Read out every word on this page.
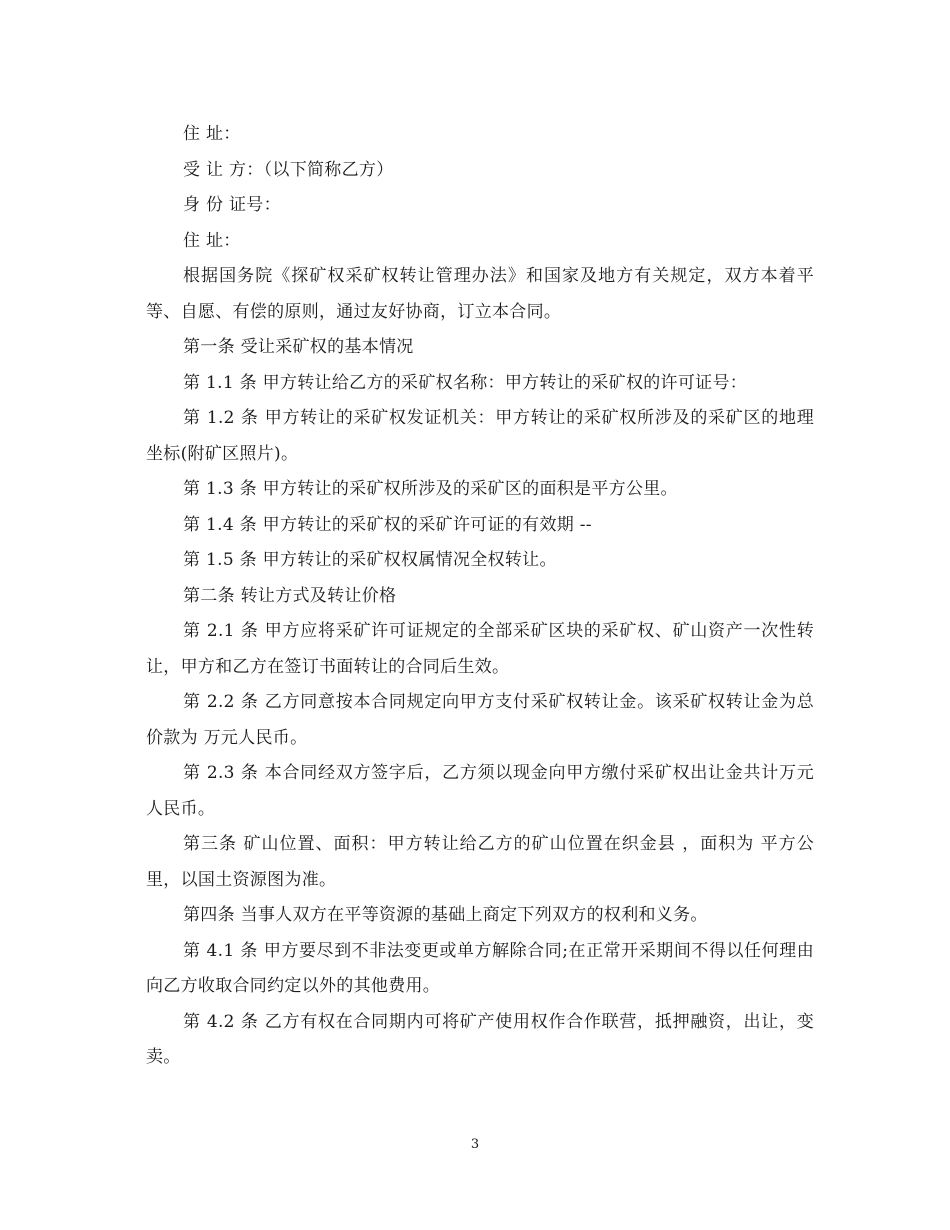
住 址：

受 让 方：（以下简称乙方）

身 份 证号：

住 址：

根据国务院《探矿权采矿权转让管理办法》和国家及地方有关规定，双方本着平等、自愿、有偿的原则，通过友好协商，订立本合同。

第一条 受让采矿权的基本情况

第 1.1 条 甲方转让给乙方的采矿权名称：甲方转让的采矿权的许可证号：

第 1.2 条 甲方转让的采矿权发证机关：甲方转让的采矿权所涉及的采矿区的地理坐标(附矿区照片)。

第 1.3 条 甲方转让的采矿权所涉及的采矿区的面积是平方公里。

第 1.4 条 甲方转让的采矿权的采矿许可证的有效期 --

第 1.5 条 甲方转让的采矿权权属情况全权转让。

第二条 转让方式及转让价格

第 2.1 条 甲方应将采矿许可证规定的全部采矿区块的采矿权、矿山资产一次性转让，甲方和乙方在签订书面转让的合同后生效。

第 2.2 条 乙方同意按本合同规定向甲方支付采矿权转让金。该采矿权转让金为总价款为 万元人民币。

第 2.3 条 本合同经双方签字后，乙方须以现金向甲方缴付采矿权出让金共计万元人民币。

第三条 矿山位置、面积：甲方转让给乙方的矿山位置在织金县 ，面积为 平方公里，以国土资源图为准。

第四条 当事人双方在平等资源的基础上商定下列双方的权利和义务。

第 4.1 条 甲方要尽到不非法变更或单方解除合同;在正常开采期间不得以任何理由向乙方收取合同约定以外的其他费用。

第 4.2 条 乙方有权在合同期内可将矿产使用权作合作联营，抵押融资，出让，变卖。

3
